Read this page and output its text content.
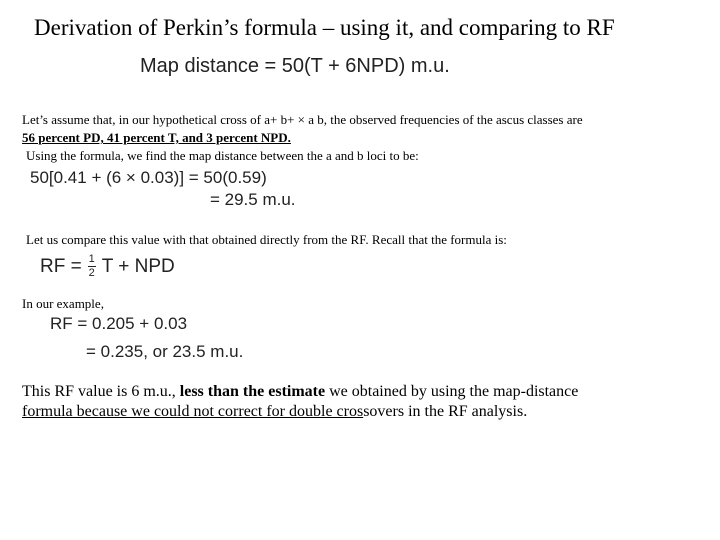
Derivation of Perkin’s formula – using it, and comparing to RF
Map distance = 50(T + 6NPD) m.u.
Let’s assume that, in our hypothetical cross of a+ b+ × a b, the observed frequencies of the ascus classes are
56 percent PD, 41 percent T, and 3 percent NPD.
Using the formula, we find the map distance between the a and b loci to be:
50[0.41 + (6 × 0.03)] = 50(0.59)
= 29.5 m.u.
Let us compare this value with that obtained directly from the RF. Recall that the formula is:
RF = $\frac{1}{2}$ T + NPD
In our example,
RF = 0.205 + 0.03
= 0.235, or 23.5 m.u.
This RF value is 6 m.u., less than the estimate we obtained by using the map-distance formula because we could not correct for double crossovers in the RF analysis.
